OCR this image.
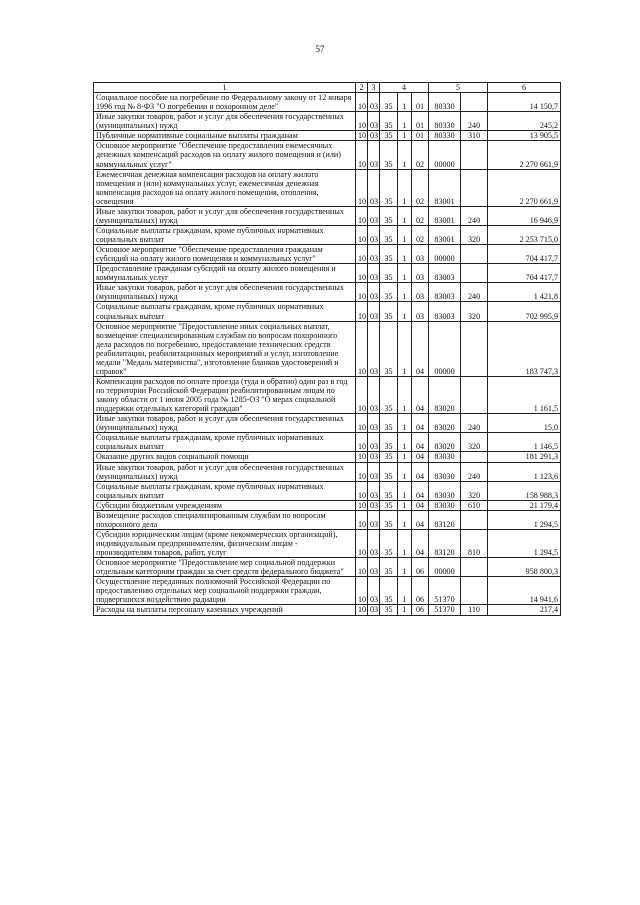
57
1	2	3	4			5		6
Социальное пособие на погребение по Федеральному закону от 12 января 1996 год № 8-ФЗ "О погребении и похоронном деле"	10	03	35	1	01	80330		14 150,7
Иные закупки товаров, работ и услуг для обеспечения государственных (муниципальных) нужд	10	03	35	1	01	80330	240	245,2
Публичные нормативные социальные выплаты гражданам	10	03	35	1	01	80330	310	13 905,5
Основное мероприятие "Обеспечение предоставления ежемесячных денежных компенсаций расходов на оплату жилого помещения и (или) коммунальных услуг"	10	03	35	1	02	00000		2 270 661,9
Ежемесячная денежная компенсация расходов на оплату жилого помещения и (или) коммунальных услуг, ежемесячная денежная компенсация расходов на оплату жилого помещения, отопления, освещения	10	03	35	1	02	83001		2 270 661,9
Иные закупки товаров, работ и услуг для обеспечения государственных (муниципальных) нужд	10	03	35	1	02	83001	240	16 946,9
Социальные выплаты гражданам, кроме публичных нормативных социальных выплат	10	03	35	1	02	83001	320	2 253 715,0
Основное мероприятие "Обеспечение предоставления гражданам субсидий на оплату жилого помещения и коммунальных услуг"	10	03	35	1	03	00000		704 417,7
Предоставление гражданам субсидий на оплату жилого помещения и коммунальных услуг	10	03	35	1	03	83003		704 417,7
Иные закупки товаров, работ и услуг для обеспечения государственных (муниципальных) нужд	10	03	35	1	03	83003	240	1 421,8
Социальные выплаты гражданам, кроме публичных нормативных социальных выплат	10	03	35	1	03	83003	320	702 995,9
Основное мероприятие "Предоставление иных социальных выплат, возмещение специализированным службам по вопросам похоронного дела расходов по погребению, предоставление технических средств реабилитации, реабилитационных мероприятий и услуг, изготовление медали "Медаль материнства", изготовление бланков удостоверений и справок"	10	03	35	1	04	00000		183 747,3
Компенсация расходов по оплате проезда (туда и обратно) один раз в год по территории Российской Федерации реабилитированным лицам по закону области от 1 июня 2005 года № 1285-ОЗ "О мерах социальной поддержки отдельных категорий граждан"	10	03	35	1	04	83020		1 161,5
Иные закупки товаров, работ и услуг для обеспечения государственных (муниципальных) нужд	10	03	35	1	04	83020	240	15,0
Социальные выплаты гражданам, кроме публичных нормативных социальных выплат	10	03	35	1	04	83020	320	1 146,5
Оказание других видов социальной помощи	10	03	35	1	04	83030		181 291,3
Иные закупки товаров, работ и услуг для обеспечения государственных (муниципальных) нужд	10	03	35	1	04	83030	240	1 123,6
Социальные выплаты гражданам, кроме публичных нормативных социальных выплат	10	03	35	1	04	83030	320	158 988,3
Субсидии бюджетным учреждениям	10	03	35	1	04	83030	610	21 179,4
Возмещение расходов специализированным службам по вопросам похоронного дела	10	03	35	1	04	83120		1 294,5
Субсидии юридическим лицам (кроме некоммерческих организаций), индивидуальным предпринимателям, физическим лицам - производителям товаров, работ, услуг	10	03	35	1	04	83120	810	1 294,5
Основное мероприятие "Предоставление мер социальной поддержки отдельным категориям граждан за счет средств федерального бюджета"	10	03	35	1	06	00000		958 800,3
Осуществление переданных полномочий Российской Федерации по предоставлению отдельных мер социальной поддержки граждан, подвергшихся воздействию радиации	10	03	35	1	06	51370		14 941,6
Расходы на выплаты персоналу казенных учреждений	10	03	35	1	06	51370	110	217,4
